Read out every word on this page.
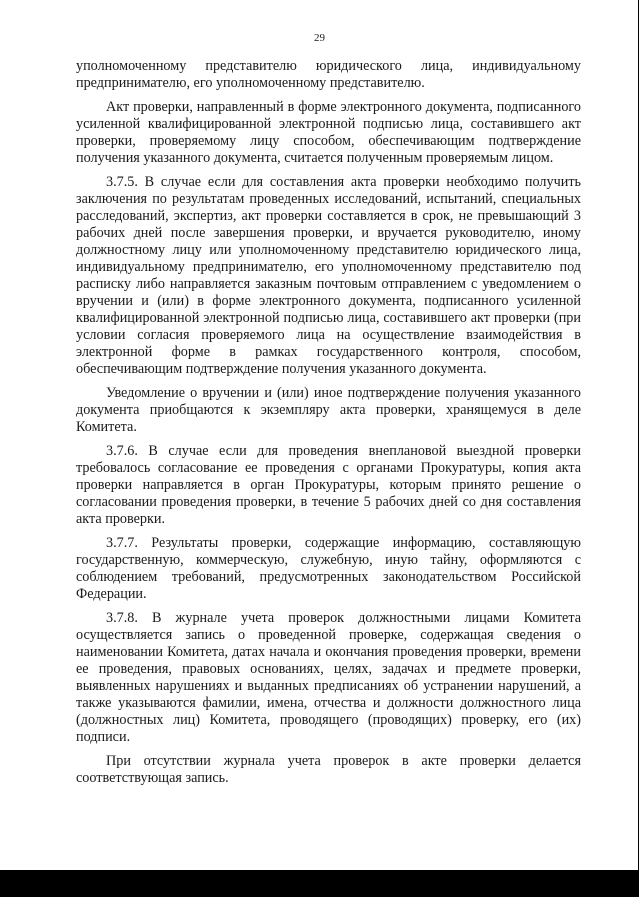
29

уполномоченному представителю юридического лица, индивидуальному предпринимателю, его уполномоченному представителю.

Акт проверки, направленный в форме электронного документа, подписанного усиленной квалифицированной электронной подписью лица, составившего акт проверки, проверяемому лицу способом, обеспечивающим подтверждение получения указанного документа, считается полученным проверяемым лицом.

3.7.5. В случае если для составления акта проверки необходимо получить заключения по результатам проведенных исследований, испытаний, специальных расследований, экспертиз, акт проверки составляется в срок, не превышающий 3 рабочих дней после завершения проверки, и вручается руководителю, иному должностному лицу или уполномоченному представителю юридического лица, индивидуальному предпринимателю, его уполномоченному представителю под расписку либо направляется заказным почтовым отправлением с уведомлением о вручении и (или) в форме электронного документа, подписанного усиленной квалифицированной электронной подписью лица, составившего акт проверки (при условии согласия проверяемого лица на осуществление взаимодействия в электронной форме в рамках государственного контроля, способом, обеспечивающим подтверждение получения указанного документа.

Уведомление о вручении и (или) иное подтверждение получения указанного документа приобщаются к экземпляру акта проверки, хранящемуся в деле Комитета.

3.7.6. В случае если для проведения внеплановой выездной проверки требовалось согласование ее проведения с органами Прокуратуры, копия акта проверки направляется в орган Прокуратуры, которым принято решение о согласовании проведения проверки, в течение 5 рабочих дней со дня составления акта проверки.

3.7.7. Результаты проверки, содержащие информацию, составляющую государственную, коммерческую, служебную, иную тайну, оформляются с соблюдением требований, предусмотренных законодательством Российской Федерации.

3.7.8. В журнале учета проверок должностными лицами Комитета осуществляется запись о проведенной проверке, содержащая сведения о наименовании Комитета, датах начала и окончания проведения проверки, времени ее проведения, правовых основаниях, целях, задачах и предмете проверки, выявленных нарушениях и выданных предписаниях об устранении нарушений, а также указываются фамилии, имена, отчества и должности должностного лица (должностных лиц) Комитета, проводящего (проводящих) проверку, его (их) подписи.

При отсутствии журнала учета проверок в акте проверки делается соответствующая запись.
